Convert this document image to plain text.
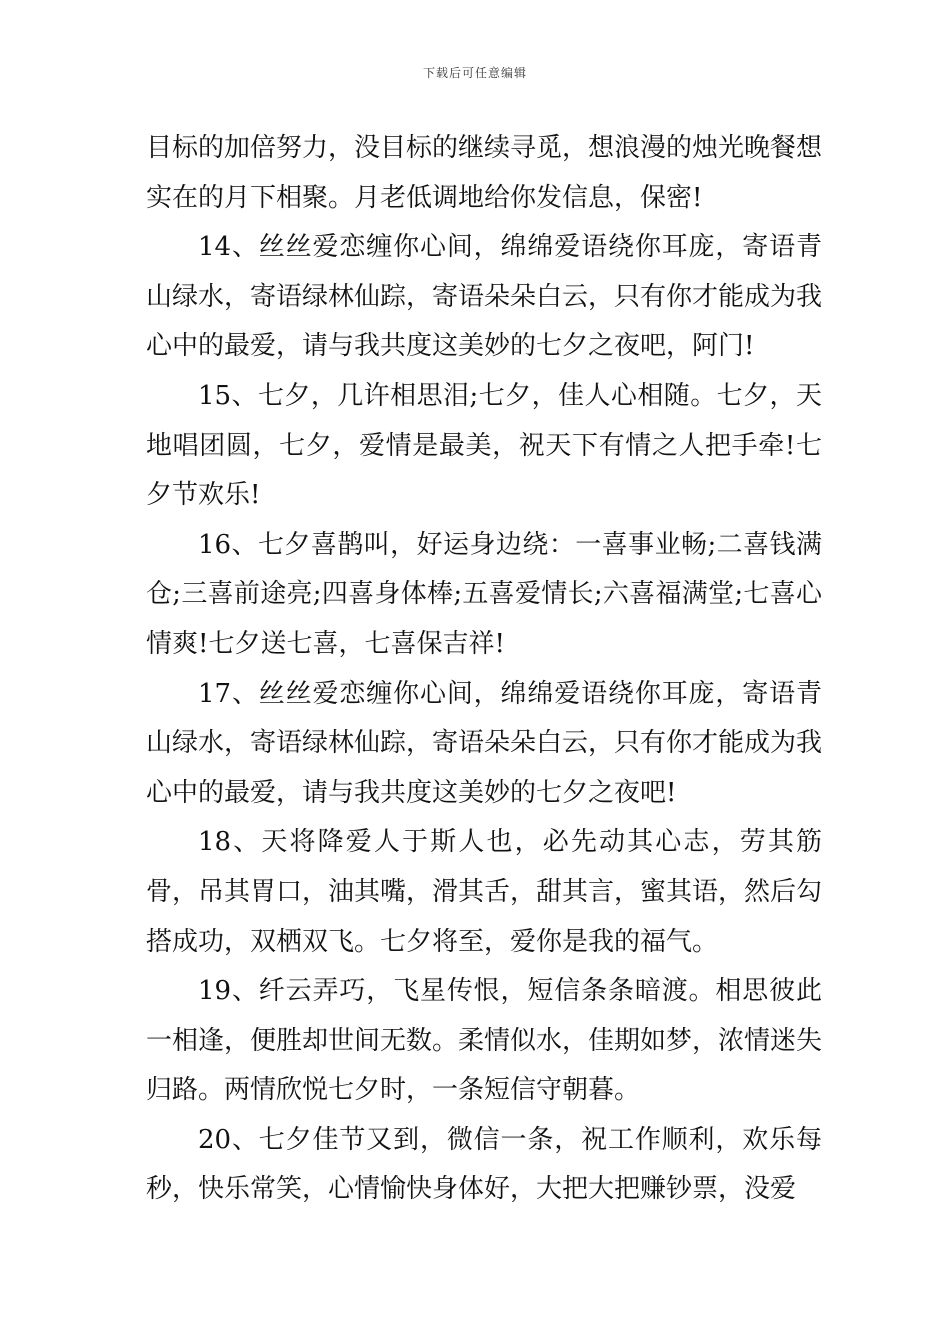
下载后可任意编辑

目标的加倍努力，没目标的继续寻觅，想浪漫的烛光晚餐想实在的月下相聚。月老低调地给你发信息，保密!

14、丝丝爱恋缠你心间，绵绵爱语绕你耳庞，寄语青山绿水，寄语绿林仙踪，寄语朵朵白云，只有你才能成为我心中的最爱，请与我共度这美妙的七夕之夜吧，阿门!

15、七夕，几许相思泪;七夕，佳人心相随。七夕，天地唱团圆，七夕，爱情是最美，祝天下有情之人把手牵!七夕节欢乐!

16、七夕喜鹊叫，好运身边绕：一喜事业畅;二喜钱满仓;三喜前途亮;四喜身体棒;五喜爱情长;六喜福满堂;七喜心情爽!七夕送七喜，七喜保吉祥!

17、丝丝爱恋缠你心间，绵绵爱语绕你耳庞，寄语青山绿水，寄语绿林仙踪，寄语朵朵白云，只有你才能成为我心中的最爱，请与我共度这美妙的七夕之夜吧!

18、天将降爱人于斯人也，必先动其心志，劳其筋骨，吊其胃口，油其嘴，滑其舌，甜其言，蜜其语，然后勾搭成功，双栖双飞。七夕将至，爱你是我的福气。

19、纤云弄巧，飞星传恨，短信条条暗渡。相思彼此一相逢，便胜却世间无数。柔情似水，佳期如梦，浓情迷失归路。两情欣悦七夕时，一条短信守朝暮。

20、七夕佳节又到，微信一条，祝工作顺利，欢乐每秒，快乐常笑，心情愉快身体好，大把大把赚钞票，没爱
